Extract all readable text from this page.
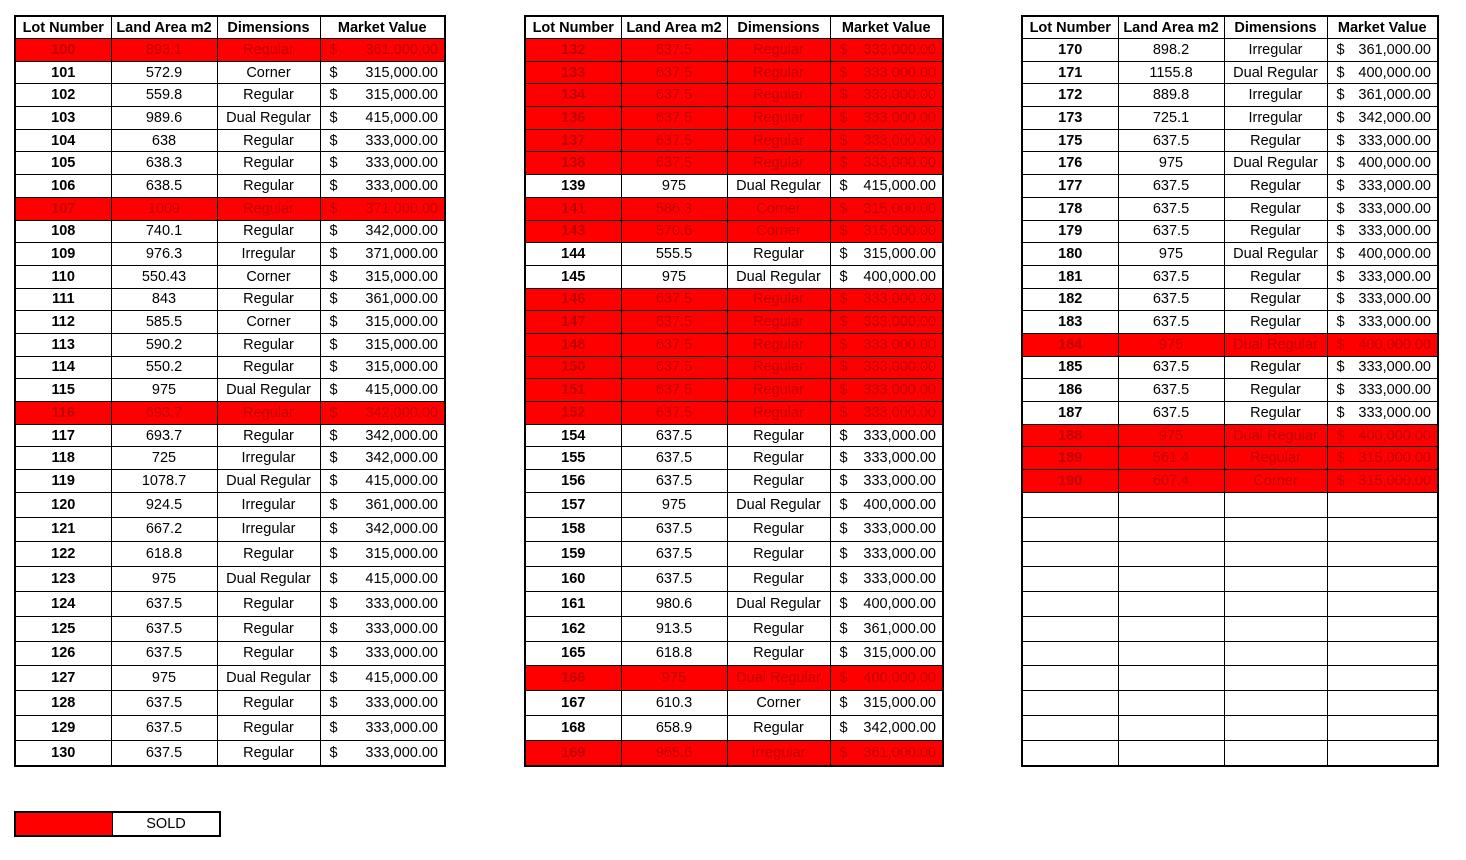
Lot Number	Land Area m2	Dimensions	Market Value
100	893.1	Regular	$ 361,000.00
101	572.9	Corner	$ 315,000.00
102	559.8	Regular	$ 315,000.00
103	989.6	Dual Regular	$ 415,000.00
104	638	Regular	$ 333,000.00
105	638.3	Regular	$ 333,000.00
106	638.5	Regular	$ 333,000.00
107	1009	Regular	$ 371,000.00
108	740.1	Regular	$ 342,000.00
109	976.3	Irregular	$ 371,000.00
110	550.43	Corner	$ 315,000.00
111	843	Regular	$ 361,000.00
112	585.5	Corner	$ 315,000.00
113	590.2	Regular	$ 315,000.00
114	550.2	Regular	$ 315,000.00
115	975	Dual Regular	$ 415,000.00
116	693.7	Regular	$ 342,000.00
117	693.7	Regular	$ 342,000.00
118	725	Irregular	$ 342,000.00
119	1078.7	Dual Regular	$ 415,000.00
120	924.5	Irregular	$ 361,000.00
121	667.2	Irregular	$ 342,000.00
122	618.8	Regular	$ 315,000.00
123	975	Dual Regular	$ 415,000.00
124	637.5	Regular	$ 333,000.00
125	637.5	Regular	$ 333,000.00
126	637.5	Regular	$ 333,000.00
127	975	Dual Regular	$ 415,000.00
128	637.5	Regular	$ 333,000.00
129	637.5	Regular	$ 333,000.00
130	637.5	Regular	$ 333,000.00
Lot Number	Land Area m2	Dimensions	Market Value
132	637.5	Regular	$ 333,000.00
133	637.5	Regular	$ 333,000.00
134	637.5	Regular	$ 333,000.00
136	637.5	Regular	$ 333,000.00
137	637.5	Regular	$ 333,000.00
138	637.5	Regular	$ 333,000.00
139	975	Dual Regular	$ 415,000.00
141	586.3	Corner	$ 315,000.00
143	570.6	Corner	$ 315,000.00
144	555.5	Regular	$ 315,000.00
145	975	Dual Regular	$ 400,000.00
146	637.5	Regular	$ 333,000.00
147	637.5	Regular	$ 333,000.00
148	637.5	Regular	$ 333,000.00
150	637.5	Regular	$ 333,000.00
151	637.5	Regular	$ 333,000.00
152	637.5	Regular	$ 333,000.00
154	637.5	Regular	$ 333,000.00
155	637.5	Regular	$ 333,000.00
156	637.5	Regular	$ 333,000.00
157	975	Dual Regular	$ 400,000.00
158	637.5	Regular	$ 333,000.00
159	637.5	Regular	$ 333,000.00
160	637.5	Regular	$ 333,000.00
161	980.6	Dual Regular	$ 400,000.00
162	913.5	Regular	$ 361,000.00
165	618.8	Regular	$ 315,000.00
166	975	Dual Regular	$ 400,000.00
167	610.3	Corner	$ 315,000.00
168	658.9	Regular	$ 342,000.00
169	965.6	Irregular	$ 361,000.00
Lot Number	Land Area m2	Dimensions	Market Value
170	898.2	Irregular	$ 361,000.00
171	1155.8	Dual Regular	$ 400,000.00
172	889.8	Irregular	$ 361,000.00
173	725.1	Irregular	$ 342,000.00
175	637.5	Regular	$ 333,000.00
176	975	Dual Regular	$ 400,000.00
177	637.5	Regular	$ 333,000.00
178	637.5	Regular	$ 333,000.00
179	637.5	Regular	$ 333,000.00
180	975	Dual Regular	$ 400,000.00
181	637.5	Regular	$ 333,000.00
182	637.5	Regular	$ 333,000.00
183	637.5	Regular	$ 333,000.00
184	975	Dual Regular	$ 400,000.00
185	637.5	Regular	$ 333,000.00
186	637.5	Regular	$ 333,000.00
187	637.5	Regular	$ 333,000.00
188	975	Dual Regular	$ 400,000.00
189	561.4	Regular	$ 315,000.00
190	607.4	Corner	$ 315,000.00

	SOLD
